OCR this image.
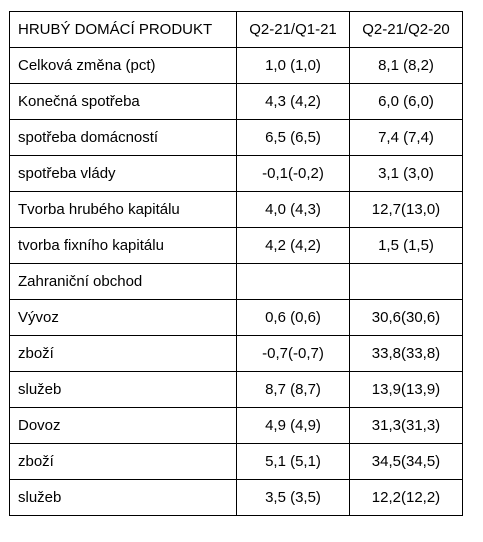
HRUBÝ DOMÁCÍ PRODUKT	Q2-21/Q1-21	Q2-21/Q2-20
Celková změna (pct)	1,0 (1,0)	8,1 (8,2)
Konečná spotřeba	4,3 (4,2)	6,0 (6,0)
spotřeba domácností	6,5 (6,5)	7,4 (7,4)
spotřeba vlády	-0,1(-0,2)	3,1 (3,0)
Tvorba hrubého kapitálu	4,0 (4,3)	12,7(13,0)
tvorba fixního kapitálu	4,2 (4,2)	1,5 (1,5)
Zahraniční obchod		
Vývoz	0,6 (0,6)	30,6(30,6)
zboží	-0,7(-0,7)	33,8(33,8)
služeb	8,7 (8,7)	13,9(13,9)
Dovoz	4,9 (4,9)	31,3(31,3)
zboží	5,1 (5,1)	34,5(34,5)
služeb	3,5 (3,5)	12,2(12,2)
